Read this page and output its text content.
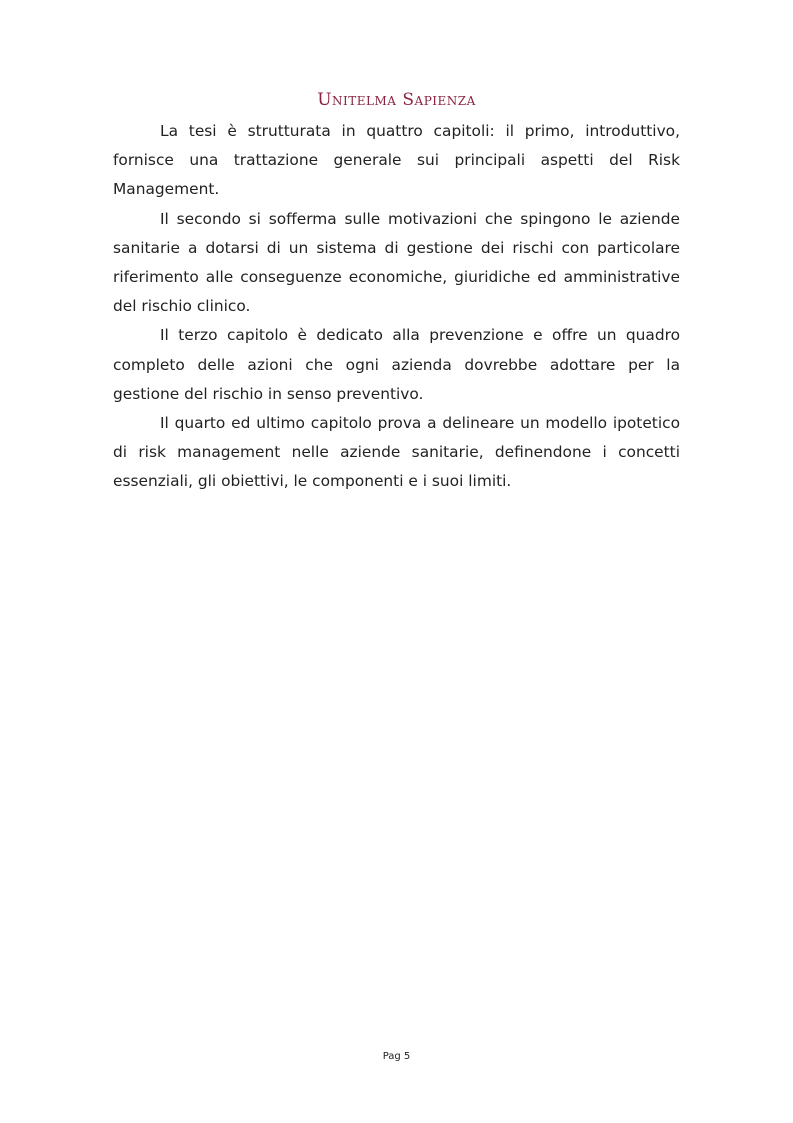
Unitelma Sapienza

La tesi è strutturata in quattro capitoli: il primo, introduttivo, fornisce una trattazione generale sui principali aspetti del Risk Management.

Il secondo si sofferma sulle motivazioni che spingono le aziende sanitarie a dotarsi di un sistema di gestione dei rischi con particolare riferimento alle conseguenze economiche, giuridiche ed amministrative del rischio clinico.

Il terzo capitolo è dedicato alla prevenzione e offre un quadro completo delle azioni che ogni azienda dovrebbe adottare per la gestione del rischio in senso preventivo.

Il quarto ed ultimo capitolo prova a delineare un modello ipotetico di risk management nelle aziende sanitarie, definendone i concetti essenziali, gli obiettivi, le componenti e i suoi limiti.

Pag 5
